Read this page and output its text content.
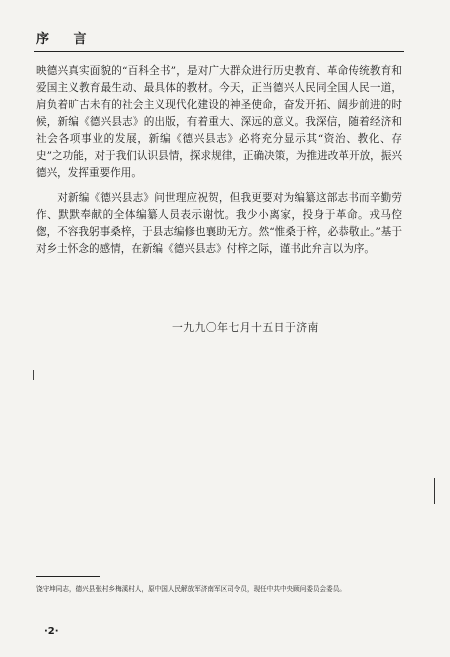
序 言

映德兴真实面貌的“百科全书”，是对广大群众进行历史教育、革命传统教育和爱国主义教育最生动、最具体的教材。今天，正当德兴人民同全国人民一道，肩负着旷古未有的社会主义现代化建设的神圣使命，奋发开拓、阔步前进的时候，新编《德兴县志》的出版，有着重大、深远的意义。我深信，随着经济和社会各项事业的发展，新编《德兴县志》必将充分显示其“资治、教化、存史”之功能，对于我们认识县情，探求规律，正确决策，为推进改革开放，振兴德兴，发挥重要作用。

对新编《德兴县志》问世理应祝贺，但我更要对为编纂这部志书而辛勤劳作、默默奉献的全体编纂人员表示谢忱。我少小离家，投身于革命。戎马倥偬，不容我躬事桑梓，于县志编修也襄助无方。然“惟桑于梓，必恭敬止。”基于对乡土怀念的感情，在新编《德兴县志》付梓之际，谨书此弁言以为序。

一九九〇年七月十五日于济南

饶守坤同志，德兴县张村乡梅溪村人，原中国人民解放军济南军区司令员，现任中共中央顾问委员会委员。

·2·
